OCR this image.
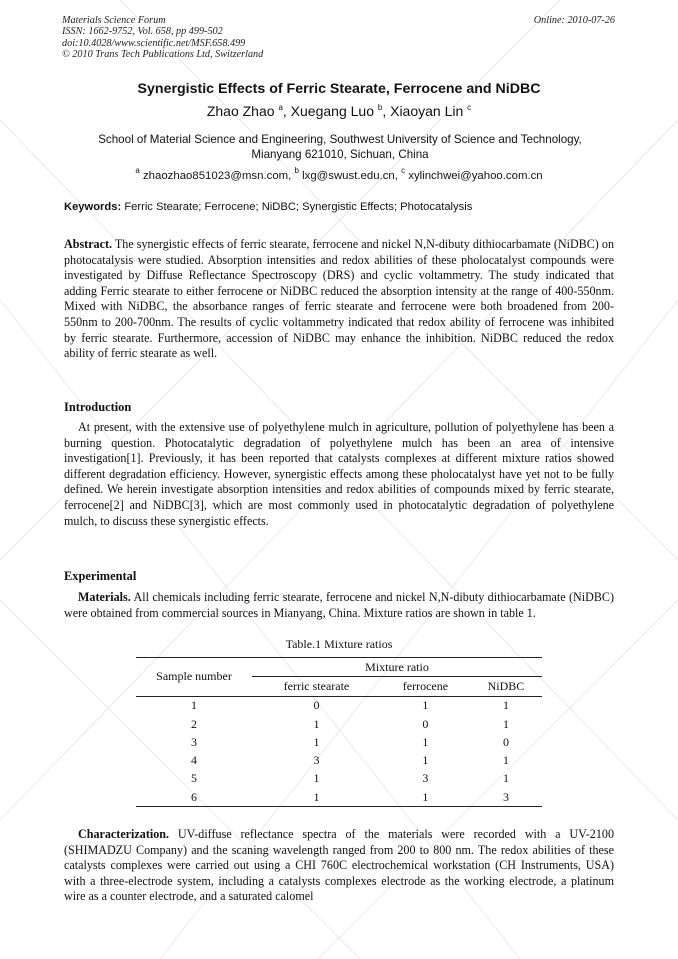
Materials Science Forum
ISSN: 1662-9752, Vol. 658, pp 499-502
doi:10.4028/www.scientific.net/MSF.658.499
© 2010 Trans Tech Publications Ltd, Switzerland
Online: 2010-07-26
Synergistic Effects of Ferric Stearate, Ferrocene and NiDBC
Zhao Zhao $^a$, Xuegang Luo $^b$, Xiaoyan Lin $^c$
School of Material Science and Engineering, Southwest University of Science and Technology,
Mianyang 621010, Sichuan, China
$^a$ zhaozhao851023@msn.com, $^b$ lxg@swust.edu.cn, $^c$ xylinchwei@yahoo.com.cn
Keywords: Ferric Stearate; Ferrocene; NiDBC; Synergistic Effects; Photocatalysis
Abstract. The synergistic effects of ferric stearate, ferrocene and nickel N,N-dibuty dithiocarbamate (NiDBC) on photocatalysis were studied. Absorption intensities and redox abilities of these pholocatalyst compounds were investigated by Diffuse Reflectance Spectroscopy (DRS) and cyclic voltammetry. The study indicated that adding Ferric stearate to either ferrocene or NiDBC reduced the absorption intensity at the range of 400-550nm. Mixed with NiDBC, the absorbance ranges of ferric stearate and ferrocene were both broadened from 200-550nm to 200-700nm. The results of cyclic voltammetry indicated that redox ability of ferrocene was inhibited by ferric stearate. Furthermore, accession of NiDBC may enhance the inhibition. NiDBC reduced the redox ability of ferric stearate as well.
Introduction
At present, with the extensive use of polyethylene mulch in agriculture, pollution of polyethylene has been a burning question. Photocatalytic degradation of polyethylene mulch has been an area of intensive investigation[1]. Previously, it has been reported that catalysts complexes at different mixture ratios showed different degradation efficiency. However, synergistic effects among these pholocatalyst have yet not to be fully defined. We herein investigate absorption intensities and redox abilities of compounds mixed by ferric stearate, ferrocene[2] and NiDBC[3], which are most commonly used in photocatalytic degradation of polyethylene mulch, to discuss these synergistic effects.
Experimental
Materials. All chemicals including ferric stearate, ferrocene and nickel N,N-dibuty dithiocarbamate (NiDBC) were obtained from commercial sources in Mianyang, China. Mixture ratios are shown in table 1.
Table.1 Mixture ratios
Sample number	Mixture ratio		
	ferric stearate	ferrocene	NiDBC
1	0	1	1
2	1	0	1
3	1	1	0
4	3	1	1
5	1	3	1
6	1	1	3
Characterization. UV-diffuse reflectance spectra of the materials were recorded with a UV-2100 (SHIMADZU Company) and the scaning wavelength ranged from 200 to 800 nm. The redox abilities of these catalysts complexes were carried out using a CHI 760C electrochemical workstation (CH Instruments, USA) with a three-electrode system, including a catalysts complexes electrode as the working electrode, a platinum wire as a counter electrode, and a saturated calomel
